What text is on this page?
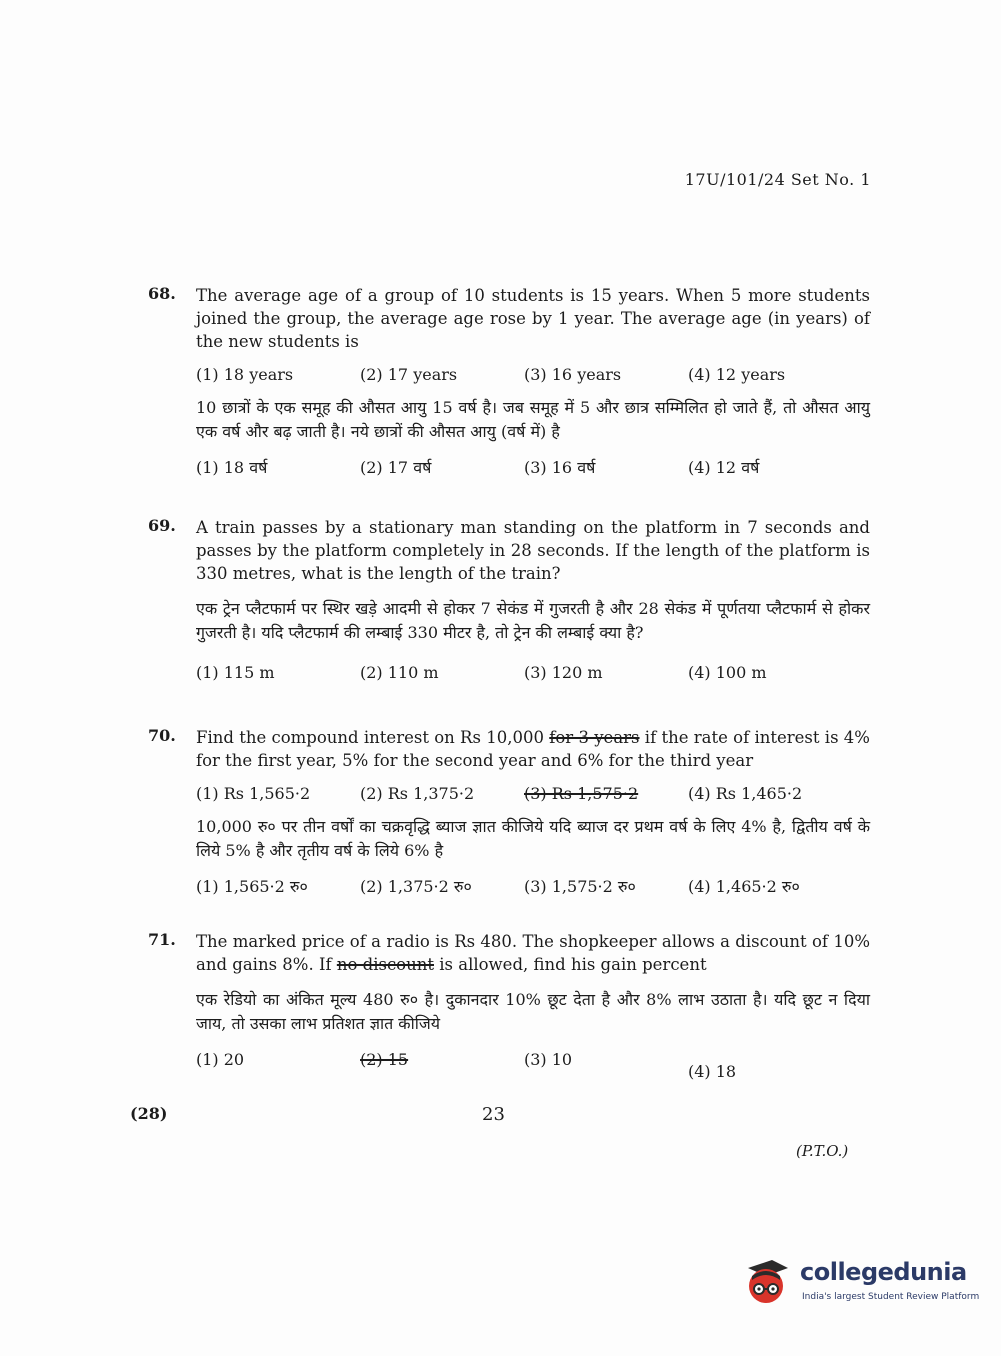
17U/101/24 Set No. 1
68. The average age of a group of 10 students is 15 years. When 5 more students joined the group, the average age rose by 1 year. The average age (in years) of the new students is
(1) 18 years	(2) 17 years	(3) 16 years	(4) 12 years
10 छात्रों के एक समूह की औसत आयु 15 वर्ष है। जब समूह में 5 और छात्र सम्मिलित हो जाते हैं, तो औसत आयु एक वर्ष और बढ़ जाती है। नये छात्रों की औसत आयु (वर्ष में) है
(1) 18 वर्ष	(2) 17 वर्ष	(3) 16 वर्ष	(4) 12 वर्ष
69. A train passes by a stationary man standing on the platform in 7 seconds and passes by the platform completely in 28 seconds. If the length of the platform is 330 metres, what is the length of the train?
एक ट्रेन प्लैटफार्म पर स्थिर खड़े आदमी से होकर 7 सेकंड में गुजरती है और 28 सेकंड में पूर्णतया प्लैटफार्म से होकर गुजरती है। यदि प्लैटफार्म की लम्बाई 330 मीटर है, तो ट्रेन की लम्बाई क्या है?
(1) 115 m	(2) 110 m	(3) 120 m	(4) 100 m
70. Find the compound interest on Rs 10,000 for 3 years if the rate of interest is 4% for the first year, 5% for the second year and 6% for the third year
(1) Rs 1,565·2	(2) Rs 1,375·2	(3) Rs 1,575·2	(4) Rs 1,465·2
10,000 रु० पर तीन वर्षों का चक्रवृद्धि ब्याज ज्ञात कीजिये यदि ब्याज दर प्रथम वर्ष के लिए 4% है, द्वितीय वर्ष के लिये 5% है और तृतीय वर्ष के लिये 6% है
(1) 1,565·2 रु०	(2) 1,375·2 रु०	(3) 1,575·2 रु०	(4) 1,465·2 रु०
71. The marked price of a radio is Rs 480. The shopkeeper allows a discount of 10% and gains 8%. If no discount is allowed, find his gain percent
एक रेडियो का अंकित मूल्य 480 रु० है। दुकानदार 10% छूट देता है और 8% लाभ उठाता है। यदि छूट न दिया जाय, तो उसका लाभ प्रतिशत ज्ञात कीजिये
(1) 20	(2) 15	(3) 10
(4) 18
(28)	23
(P.T.O.)
collegedunia
India's largest Student Review Platform
